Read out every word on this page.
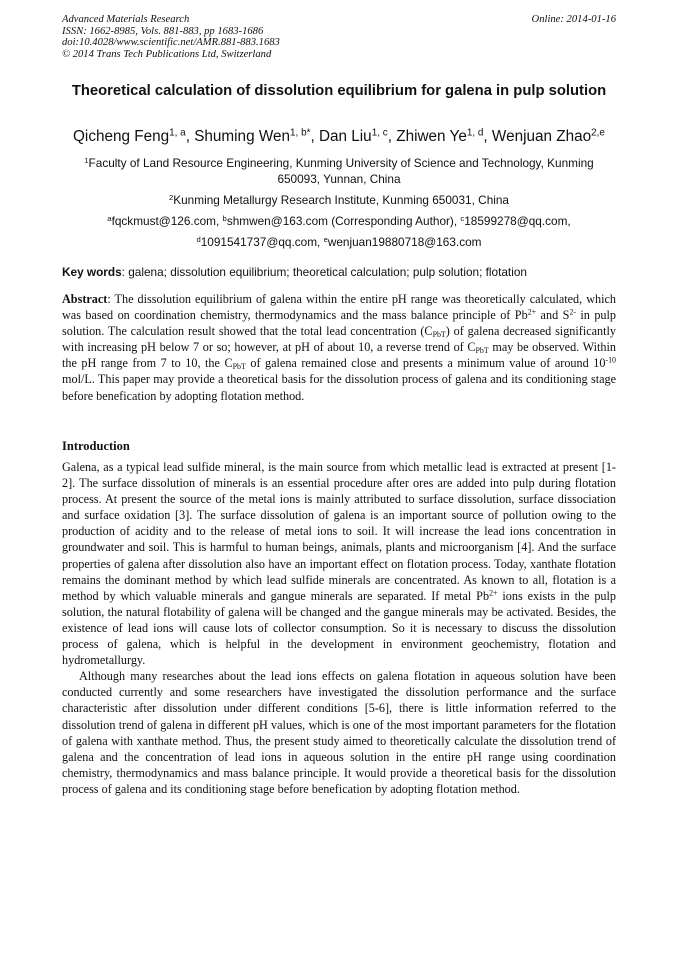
Advanced Materials Research
ISSN: 1662-8985, Vols. 881-883, pp 1683-1686
doi:10.4028/www.scientific.net/AMR.881-883.1683
© 2014 Trans Tech Publications Ltd, Switzerland
Online: 2014-01-16
Theoretical calculation of dissolution equilibrium for galena in pulp solution
Qicheng Feng$^{1, a}$, Shuming Wen$^{1, b*}$, Dan Liu$^{1, c}$, Zhiwen Ye$^{1, d}$, Wenjuan Zhao$^{2,e}$
$^1$Faculty of Land Resource Engineering, Kunming University of Science and Technology, Kunming 650093, Yunnan, China
$^2$Kunming Metallurgy Research Institute, Kunming 650031, China
$^a$fqckmust@126.com, $^b$shmwen@163.com (Corresponding Author), $^c$18599278@qq.com,
$^d$1091541737@qq.com, $^e$wenjuan19880718@163.com
Key words: galena; dissolution equilibrium; theoretical calculation; pulp solution; flotation
Abstract: The dissolution equilibrium of galena within the entire pH range was theoretically calculated, which was based on coordination chemistry, thermodynamics and the mass balance principle of $Pb^{2+}$ and $S^{2-}$ in pulp solution. The calculation result showed that the total lead concentration $(C_{PbT})$ of galena decreased significantly with increasing pH below 7 or so; however, at pH of about 10, a reverse trend of $C_{PbT}$ may be observed. Within the pH range from 7 to 10, the $C_{PbT}$ of galena remained close and presents a minimum value of around $10^{-10}$ mol/L. This paper may provide a theoretical basis for the dissolution process of galena and its conditioning stage before benefication by adopting flotation method.
Introduction

Galena, as a typical lead sulfide mineral, is the main source from which metallic lead is extracted at present [1-2]. The surface dissolution of minerals is an essential procedure after ores are added into pulp during flotation process. At present the source of the metal ions is mainly attributed to surface dissolution, surface dissociation and surface oxidation [3]. The surface dissolution of galena is an important source of pollution owing to the production of acidity and to the release of metal ions to soil. It will increase the lead ions concentration in groundwater and soil. This is harmful to human beings, animals, plants and microorganism [4]. And the surface properties of galena after dissolution also have an important effect on flotation process. Today, xanthate flotation remains the dominant method by which lead sulfide minerals are concentrated. As known to all, flotation is a method by which valuable minerals and gangue minerals are separated. If metal $Pb^{2+}$ ions exists in the pulp solution, the natural flotability of galena will be changed and the gangue minerals may be activated. Besides, the existence of lead ions will cause lots of collector consumption. So it is necessary to discuss the dissolution process of galena, which is helpful in the development in environment geochemistry, flotation and hydrometallurgy.

Although many researches about the lead ions effects on galena flotation in aqueous solution have been conducted currently and some researchers have investigated the dissolution performance and the surface characteristic after dissolution under different conditions [5-6], there is little information referred to the dissolution trend of galena in different pH values, which is one of the most important parameters for the flotation of galena with xanthate method. Thus, the present study aimed to theoretically calculate the dissolution trend of galena and the concentration of lead ions in aqueous solution in the entire pH range using coordination chemistry, thermodynamics and mass balance principle. It would provide a theoretical basis for the dissolution process of galena and its conditioning stage before benefication by adopting flotation method.
